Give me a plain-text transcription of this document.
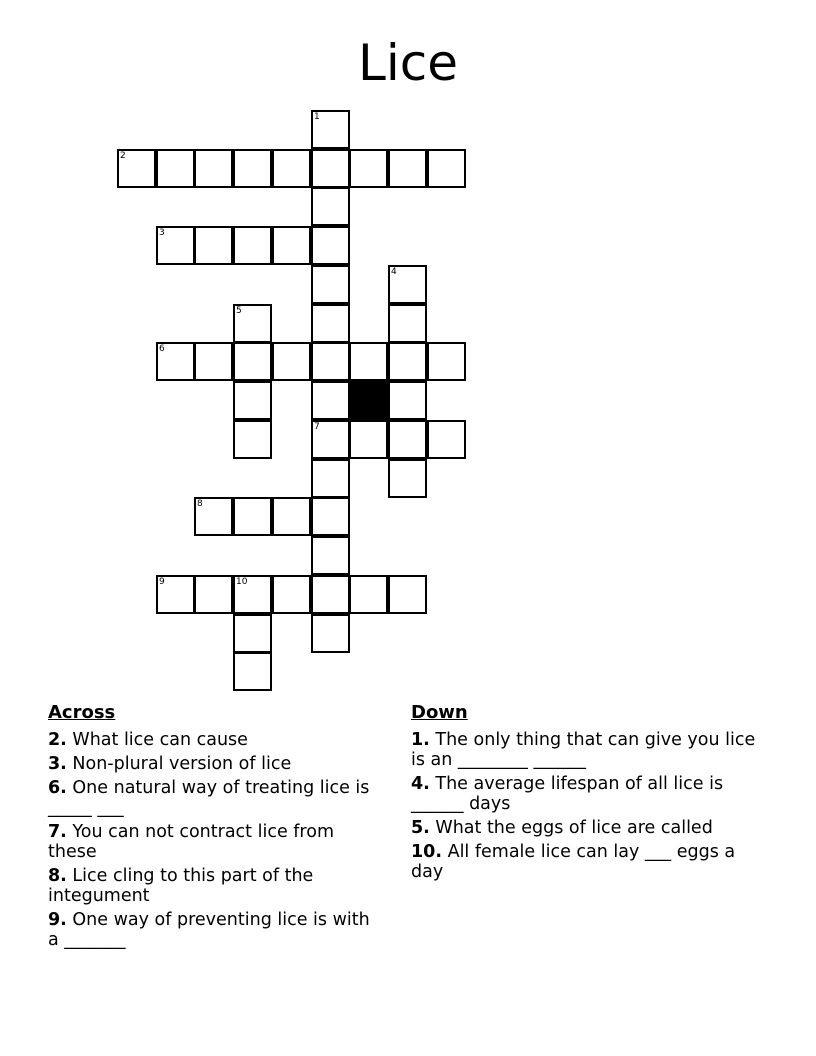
Lice
1
2
3
4
5
6
7
8
9	10
Across
2. What lice can cause
3. Non-plural version of lice
6. One natural way of treating lice is _____ ___
7. You can not contract lice from these
8. Lice cling to this part of the integument
9. One way of preventing lice is with a _______
Down
1. The only thing that can give you lice is an ________ ______
4. The average lifespan of all lice is ______ days
5. What the eggs of lice are called
10. All female lice can lay ___ eggs a day
